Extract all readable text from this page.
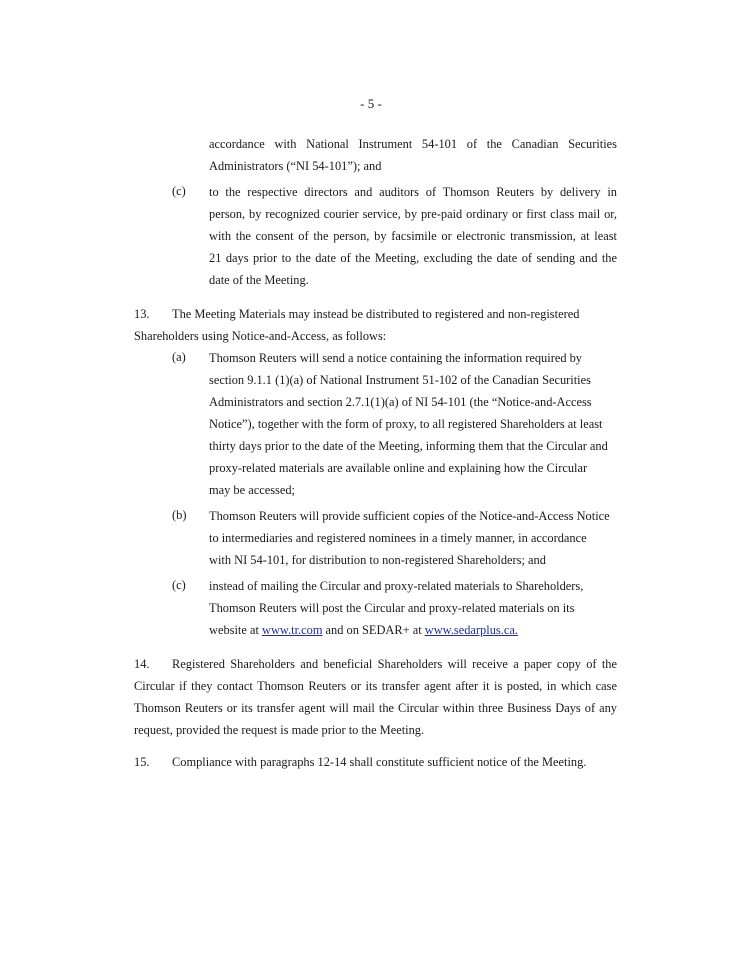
- 5 -
accordance with National Instrument 54-101 of the Canadian Securities
Administrators (“NI 54-101”); and
(c) to the respective directors and auditors of Thomson Reuters by delivery in
person, by recognized courier service, by pre-paid ordinary or first class mail or,
with the consent of the person, by facsimile or electronic transmission, at least
21 days prior to the date of the Meeting, excluding the date of sending and the
date of the Meeting.
13. The Meeting Materials may instead be distributed to registered and non-registered
Shareholders using Notice-and-Access, as follows:
(a) Thomson Reuters will send a notice containing the information required by
section 9.1.1 (1)(a) of National Instrument 51-102 of the Canadian Securities
Administrators and section 2.7.1(1)(a) of NI 54-101 (the “Notice-and-Access
Notice”), together with the form of proxy, to all registered Shareholders at least
thirty days prior to the date of the Meeting, informing them that the Circular and
proxy-related materials are available online and explaining how the Circular
may be accessed;
(b) Thomson Reuters will provide sufficient copies of the Notice-and-Access Notice
to intermediaries and registered nominees in a timely manner, in accordance
with NI 54-101, for distribution to non-registered Shareholders; and
(c) instead of mailing the Circular and proxy-related materials to Shareholders,
Thomson Reuters will post the Circular and proxy-related materials on its
website at www.tr.com and on SEDAR+ at www.sedarplus.ca.
14. Registered Shareholders and beneficial Shareholders will receive a paper copy of the
Circular if they contact Thomson Reuters or its transfer agent after it is posted, in which case
Thomson Reuters or its transfer agent will mail the Circular within three Business Days of any
request, provided the request is made prior to the Meeting.
15. Compliance with paragraphs 12-14 shall constitute sufficient notice of the Meeting.
